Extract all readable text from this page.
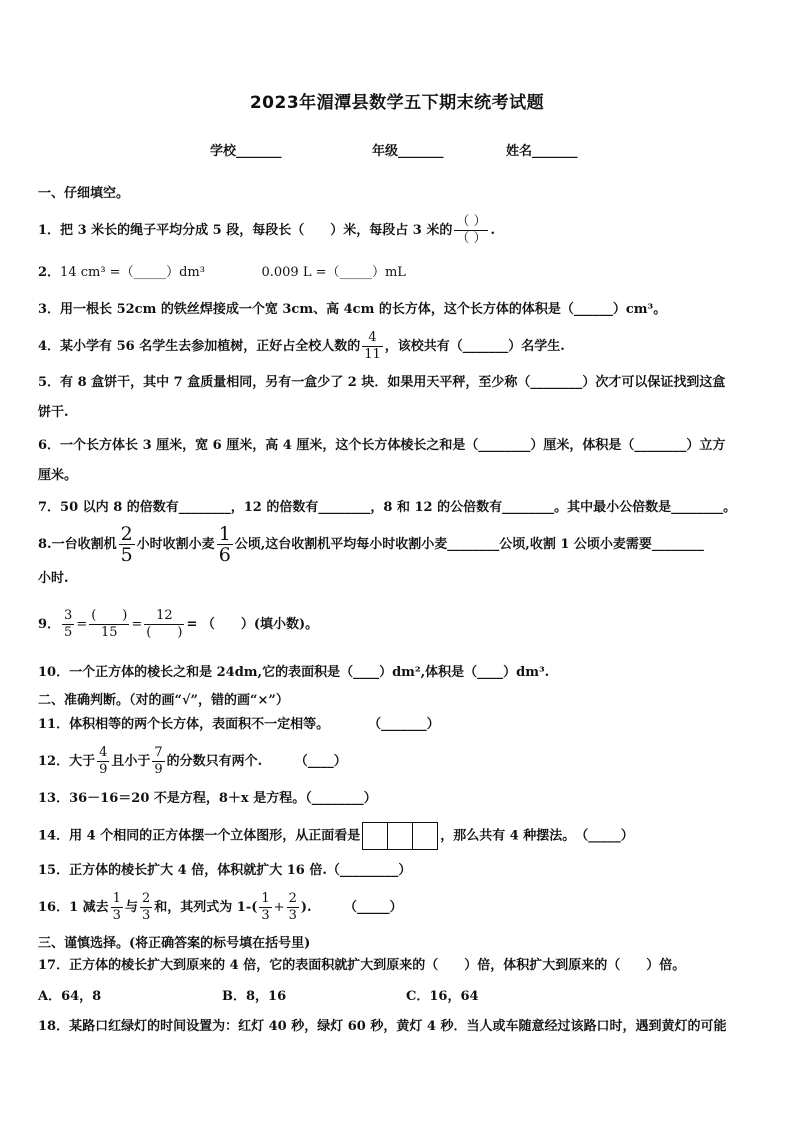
2023年湄潭县数学五下期末统考试题
学校_______	年级_______	姓名_______
一、仔细填空。
1．把 3 米长的绳子平均分成 5 段，每段长（　　）米，每段占 3 米的 $\frac{( )}{( )}$ .
2．14 cm³ =（_____）dm³	0.009 L =（_____）mL
3．用一根长 52cm 的铁丝焊接成一个宽 3cm、高 4cm 的长方体，这个长方体的体积是（______）cm³。
4．某小学有 56 名学生去参加植树，正好占全校人数的 $\frac{4}{11}$ ，该校共有（_______）名学生.
5．有 8 盒饼干，其中 7 盒质量相同，另有一盒少了 2 块．如果用天平秤，至少称（________）次才可以保证找到这盒
饼干.
6．一个长方体长 3 厘米，宽 6 厘米，高 4 厘米，这个长方体棱长之和是（________）厘米，体积是（________）立方
厘米。
7．50 以内 8 的倍数有________，12 的倍数有________，8 和 12 的公倍数有________。其中最小公倍数是________。
8.一台收割机 $\frac{2}{5}$ 小时收割小麦 $\frac{1}{6}$ 公顷,这台收割机平均每小时收割小麦________公顷,收割 1 公顷小麦需要________
小时.
9． $\frac{3}{5} = \frac{( )}{15} = \frac{12}{( )}$ = （　　）(填小数)。
10．一个正方体的棱长之和是 24dm,它的表面积是（____）dm²,体积是（____）dm³.
二、准确判断。（对的画“√”，错的画“×”）
11．体积相等的两个长方体，表面积不一定相等。　　　　（_______）
12．大于 $\frac{4}{9}$ 且小于 $\frac{7}{9}$ 的分数只有两个.　　　（____）
13．36－16＝20 不是方程，8＋x 是方程。（________）
14．用 4 个相同的正方体摆一个立体图形，从正面看是	，那么共有 4 种摆法。　（_____）
15．正方体的棱长扩大 4 倍，体积就扩大 16 倍.（_________）
16．1 减去 $\frac{1}{3}$ 与 $\frac{2}{3}$ 和，其列式为 $1-( \frac{1}{3} + \frac{2}{3}$ ).　　　（_____）
三、谨慎选择。(将正确答案的标号填在括号里)
17．正方体的棱长扩大到原来的 4 倍，它的表面积就扩大到原来的（　　）倍，体积扩大到原来的（　　）倍。
A．64，8	B．8，16	C．16，64
18．某路口红绿灯的时间设置为：红灯 40 秒，绿灯 60 秒，黄灯 4 秒．当人或车随意经过该路口时，遇到黄灯的可能
